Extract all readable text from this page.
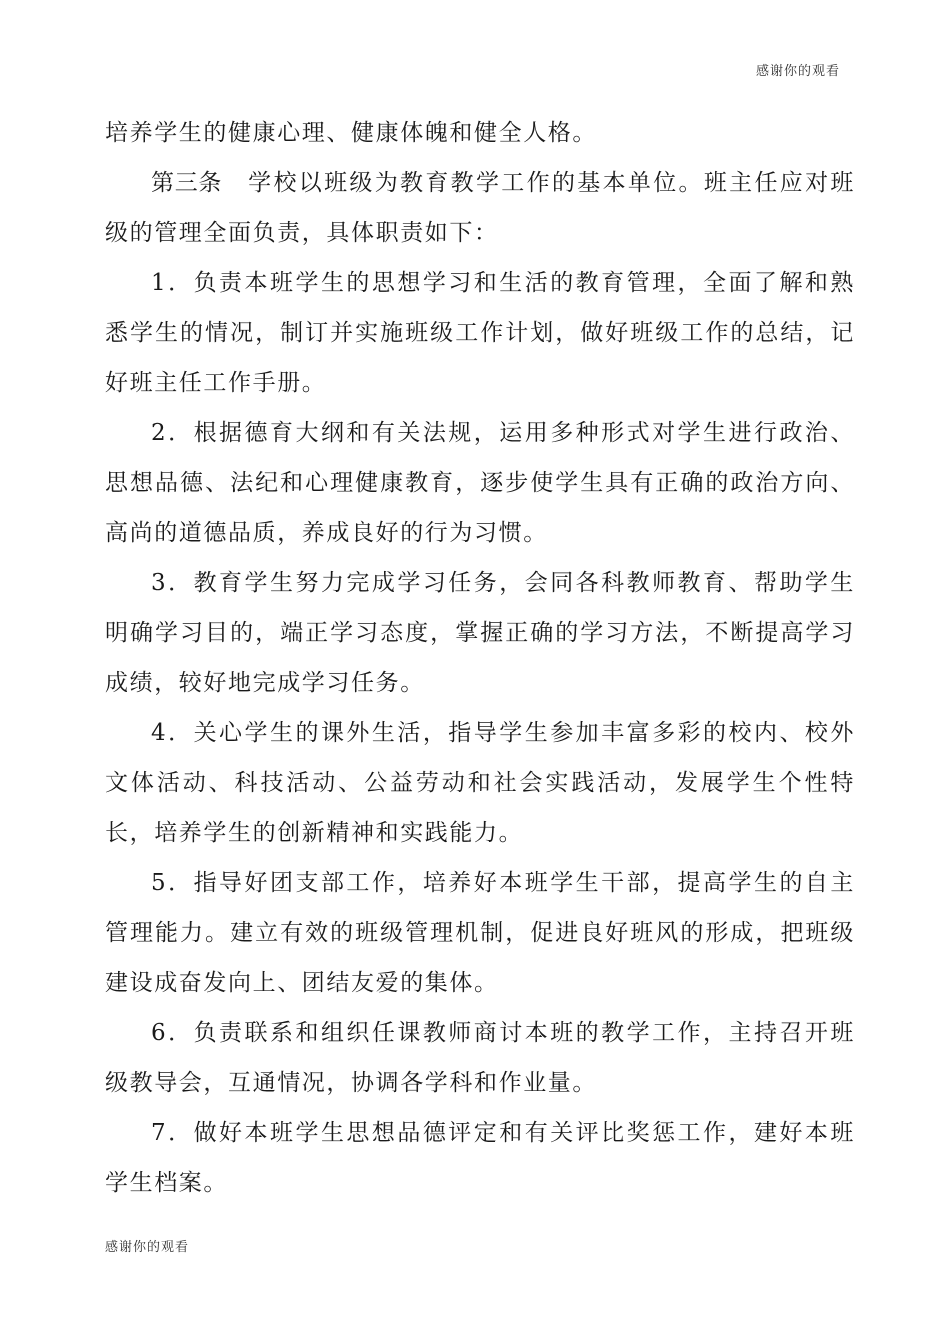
感谢你的观看

培养学生的健康心理、健康体魄和健全人格。

第三条 学校以班级为教育教学工作的基本单位。班主任应对班级的管理全面负责，具体职责如下：

1．负责本班学生的思想学习和生活的教育管理，全面了解和熟悉学生的情况，制订并实施班级工作计划，做好班级工作的总结，记好班主任工作手册。

2．根据德育大纲和有关法规，运用多种形式对学生进行政治、思想品德、法纪和心理健康教育，逐步使学生具有正确的政治方向、高尚的道德品质，养成良好的行为习惯。

3．教育学生努力完成学习任务，会同各科教师教育、帮助学生明确学习目的，端正学习态度，掌握正确的学习方法，不断提高学习成绩，较好地完成学习任务。

4．关心学生的课外生活，指导学生参加丰富多彩的校内、校外文体活动、科技活动、公益劳动和社会实践活动，发展学生个性特长，培养学生的创新精神和实践能力。

5．指导好团支部工作，培养好本班学生干部，提高学生的自主管理能力。建立有效的班级管理机制，促进良好班风的形成，把班级建设成奋发向上、团结友爱的集体。

6．负责联系和组织任课教师商讨本班的教学工作，主持召开班级教导会，互通情况，协调各学科和作业量。

7．做好本班学生思想品德评定和有关评比奖惩工作，建好本班学生档案。

感谢你的观看
